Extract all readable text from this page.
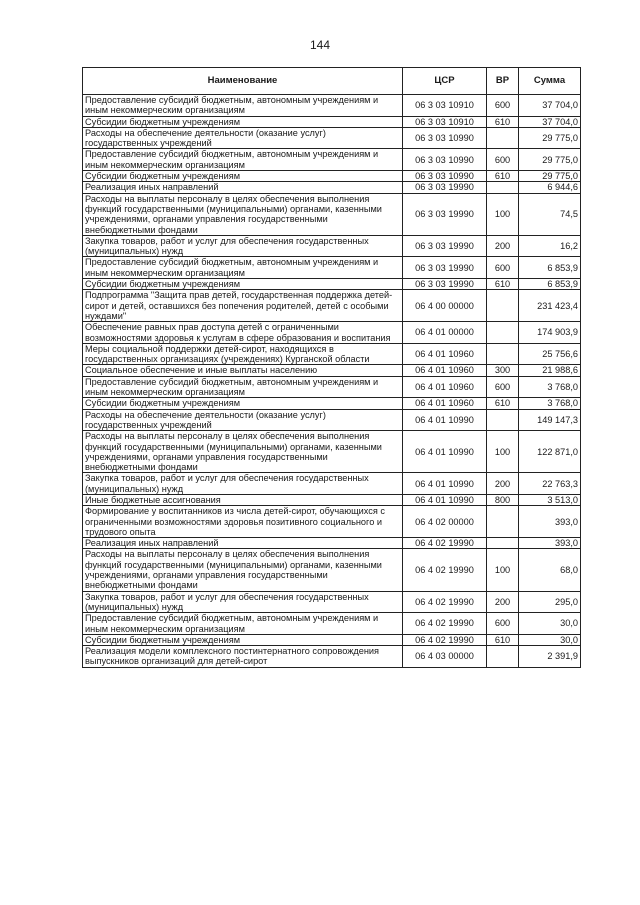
144
Наименование	ЦСР	ВР	Сумма
Предоставление субсидий бюджетным, автономным учреждениям и иным некоммерческим организациям	06 3 03 10910	600	37 704,0
Субсидии бюджетным учреждениям	06 3 03 10910	610	37 704,0
Расходы на обеспечение деятельности (оказание услуг) государственных учреждений	06 3 03 10990		29 775,0
Предоставление субсидий бюджетным, автономным учреждениям и иным некоммерческим организациям	06 3 03 10990	600	29 775,0
Субсидии бюджетным учреждениям	06 3 03 10990	610	29 775,0
Реализация иных направлений	06 3 03 19990		6 944,6
Расходы на выплаты персоналу в целях обеспечения выполнения функций государственными (муниципальными) органами, казенными учреждениями, органами управления государственными внебюджетными фондами	06 3 03 19990	100	74,5
Закупка товаров, работ и услуг для обеспечения государственных (муниципальных) нужд	06 3 03 19990	200	16,2
Предоставление субсидий бюджетным, автономным учреждениям и иным некоммерческим организациям	06 3 03 19990	600	6 853,9
Субсидии бюджетным учреждениям	06 3 03 19990	610	6 853,9
Подпрограмма "Защита прав детей, государственная поддержка детей-сирот и детей, оставшихся без попечения родителей, детей с особыми нуждами"	06 4 00 00000		231 423,4
Обеспечение равных прав доступа детей с ограниченными возможностями здоровья к услугам в сфере образования и воспитания	06 4 01 00000		174 903,9
Меры социальной поддержки детей-сирот, находящихся в государственных организациях (учреждениях) Курганской области	06 4 01 10960		25 756,6
Социальное обеспечение и иные выплаты населению	06 4 01 10960	300	21 988,6
Предоставление субсидий бюджетным, автономным учреждениям и иным некоммерческим организациям	06 4 01 10960	600	3 768,0
Субсидии бюджетным учреждениям	06 4 01 10960	610	3 768,0
Расходы на обеспечение деятельности (оказание услуг) государственных учреждений	06 4 01 10990		149 147,3
Расходы на выплаты персоналу в целях обеспечения выполнения функций государственными (муниципальными) органами, казенными учреждениями, органами управления государственными внебюджетными фондами	06 4 01 10990	100	122 871,0
Закупка товаров, работ и услуг для обеспечения государственных (муниципальных) нужд	06 4 01 10990	200	22 763,3
Иные бюджетные ассигнования	06 4 01 10990	800	3 513,0
Формирование у воспитанников из числа детей-сирот, обучающихся с ограниченными возможностями здоровья позитивного социального и трудового опыта	06 4 02 00000		393,0
Реализация иных направлений	06 4 02 19990		393,0
Расходы на выплаты персоналу в целях обеспечения выполнения функций государственными (муниципальными) органами, казенными учреждениями, органами управления государственными внебюджетными фондами	06 4 02 19990	100	68,0
Закупка товаров, работ и услуг для обеспечения государственных (муниципальных) нужд	06 4 02 19990	200	295,0
Предоставление субсидий бюджетным, автономным учреждениям и иным некоммерческим организациям	06 4 02 19990	600	30,0
Субсидии бюджетным учреждениям	06 4 02 19990	610	30,0
Реализация модели комплексного постинтернатного сопровождения выпускников организаций для детей-сирот	06 4 03 00000		2 391,9
